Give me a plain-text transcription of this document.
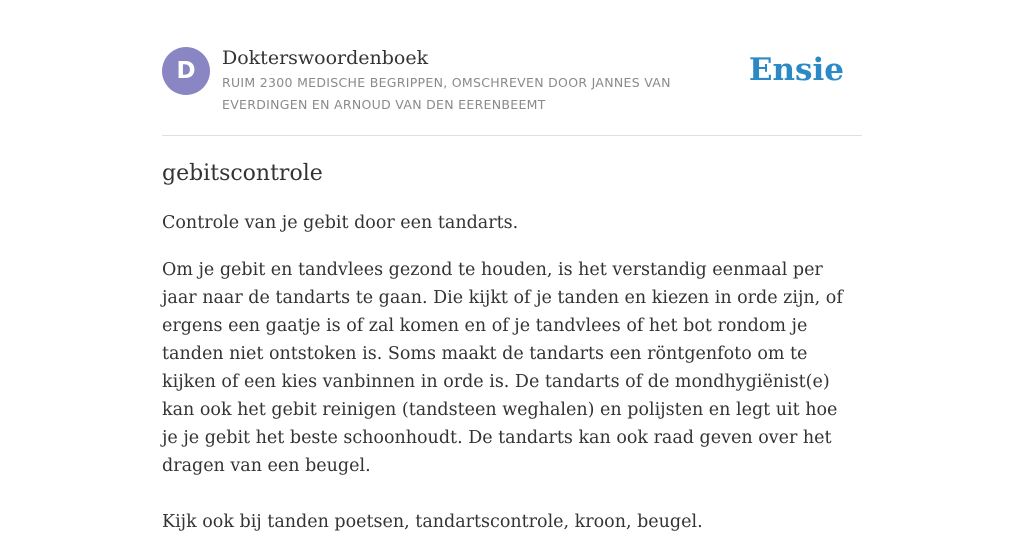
D	Dokterswoordenboek
RUIM 2300 MEDISCHE BEGRIPPEN, OMSCHREVEN DOOR JANNES VAN EVERDINGEN EN ARNOUD VAN DEN EERENBEEMT
Ensie
gebitscontrole

Controle van je gebit door een tandarts.

Om je gebit en tandvlees gezond te houden, is het verstandig eenmaal per jaar naar de tandarts te gaan. Die kijkt of je tanden en kiezen in orde zijn, of ergens een gaatje is of zal komen en of je tandvlees of het bot rondom je tanden niet ontstoken is. Soms maakt de tandarts een röntgenfoto om te kijken of een kies vanbinnen in orde is. De tandarts of de mondhygiënist(e) kan ook het gebit reinigen (tandsteen weghalen) en polijsten en legt uit hoe je je gebit het beste schoonhoudt. De tandarts kan ook raad geven over het dragen van een beugel.

Kijk ook bij tanden poetsen, tandartscontrole, kroon, beugel.
